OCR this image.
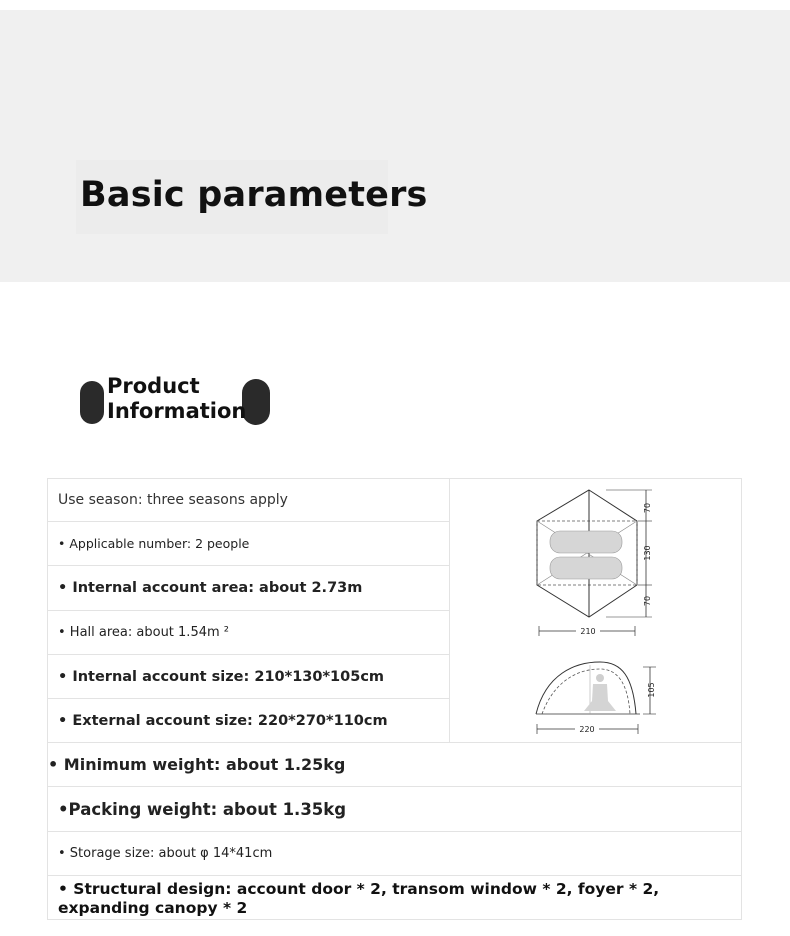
Basic parameters
Product
Information
Use season: three seasons apply
• Applicable number: 2 people
• Internal account area: about 2.73m
• Hall area: about 1.54m ²
• Internal account size: 210*130*105cm
• External account size: 220*270*110cm
• Minimum weight: about 1.25kg
•Packing weight: about 1.35kg
• Storage size: about φ 14*41cm
• Structural design: account door * 2, transom window * 2, foyer * 2, expanding canopy * 2
70
130
70
210
105
220
